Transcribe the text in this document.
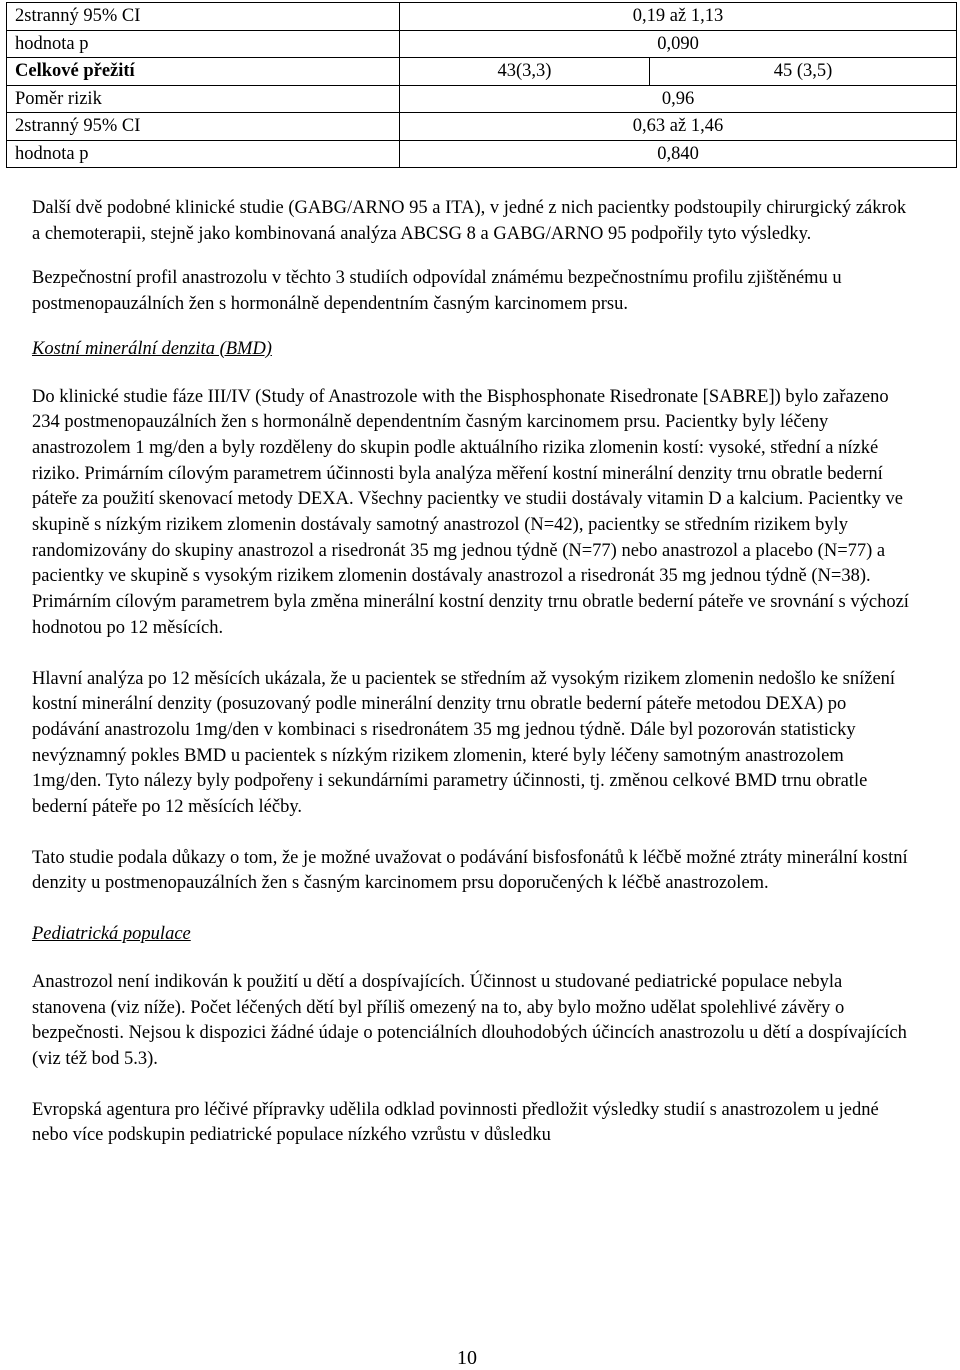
2stranný 95% CI	0,19 až 1,13	
hodnota p	0,090	
Celkové přežití	43(3,3)	45 (3,5)
Poměr rizik	0,96	
2stranný 95% CI	0,63 až 1,46	
hodnota p	0,840	

Další dvě podobné klinické studie (GABG/ARNO 95 a ITA), v jedné z nich pacientky podstoupily chirurgický zákrok a chemoterapii, stejně jako kombinovaná analýza ABCSG 8 a GABG/ARNO 95 podpořily tyto výsledky.

Bezpečnostní profil anastrozolu v těchto 3 studiích odpovídal známému bezpečnostnímu profilu zjištěnému u postmenopauzálních žen s hormonálně dependentním časným karcinomem prsu.

Kostní minerální denzita (BMD)

Do klinické studie fáze III/IV (Study of Anastrozole with the Bisphosphonate Risedronate [SABRE]) bylo zařazeno 234 postmenopauzálních žen s hormonálně dependentním časným karcinomem prsu. Pacientky byly léčeny anastrozolem 1 mg/den a byly rozděleny do skupin podle aktuálního rizika zlomenin kostí: vysoké, střední a nízké riziko. Primárním cílovým parametrem účinnosti byla analýza měření kostní minerální denzity trnu obratle bederní páteře za použití skenovací metody DEXA. Všechny pacientky ve studii dostávaly vitamin D a kalcium. Pacientky ve skupině s nízkým rizikem zlomenin dostávaly samotný anastrozol (N=42), pacientky se středním rizikem byly randomizovány do skupiny anastrozol a risedronát 35 mg jednou týdně (N=77) nebo anastrozol a placebo (N=77) a pacientky ve skupině s vysokým rizikem zlomenin dostávaly anastrozol a risedronát 35 mg jednou týdně (N=38). Primárním cílovým parametrem byla změna minerální kostní denzity trnu obratle bederní páteře ve srovnání s výchozí hodnotou po 12 měsících.

Hlavní analýza po 12 měsících ukázala, že u pacientek se středním až vysokým rizikem zlomenin nedošlo ke snížení kostní minerální denzity (posuzovaný podle minerální denzity trnu obratle bederní páteře metodou DEXA) po podávání anastrozolu 1mg/den v kombinaci s risedronátem 35 mg jednou týdně. Dále byl pozorován statisticky nevýznamný pokles BMD u pacientek s nízkým rizikem zlomenin, které byly léčeny samotným anastrozolem 1mg/den. Tyto nálezy byly podpořeny i sekundárními parametry účinnosti, tj. změnou celkové BMD trnu obratle bederní páteře po 12 měsících léčby.

Tato studie podala důkazy o tom, že je možné uvažovat o podávání bisfosfonátů k léčbě možné ztráty minerální kostní denzity u postmenopauzálních žen s časným karcinomem prsu doporučených k léčbě anastrozolem.

Pediatrická populace

Anastrozol není indikován k použití u dětí a dospívajících. Účinnost u studované pediatrické populace nebyla stanovena (viz níže). Počet léčených dětí byl příliš omezený na to, aby bylo možno udělat spolehlivé závěry o bezpečnosti. Nejsou k dispozici žádné údaje o potenciálních dlouhodobých účincích anastrozolu u dětí a dospívajících (viz též bod 5.3).

Evropská agentura pro léčivé přípravky udělila odklad povinnosti předložit výsledky studií s anastrozolem u jedné nebo více podskupin pediatrické populace nízkého vzrůstu v důsledku

10
